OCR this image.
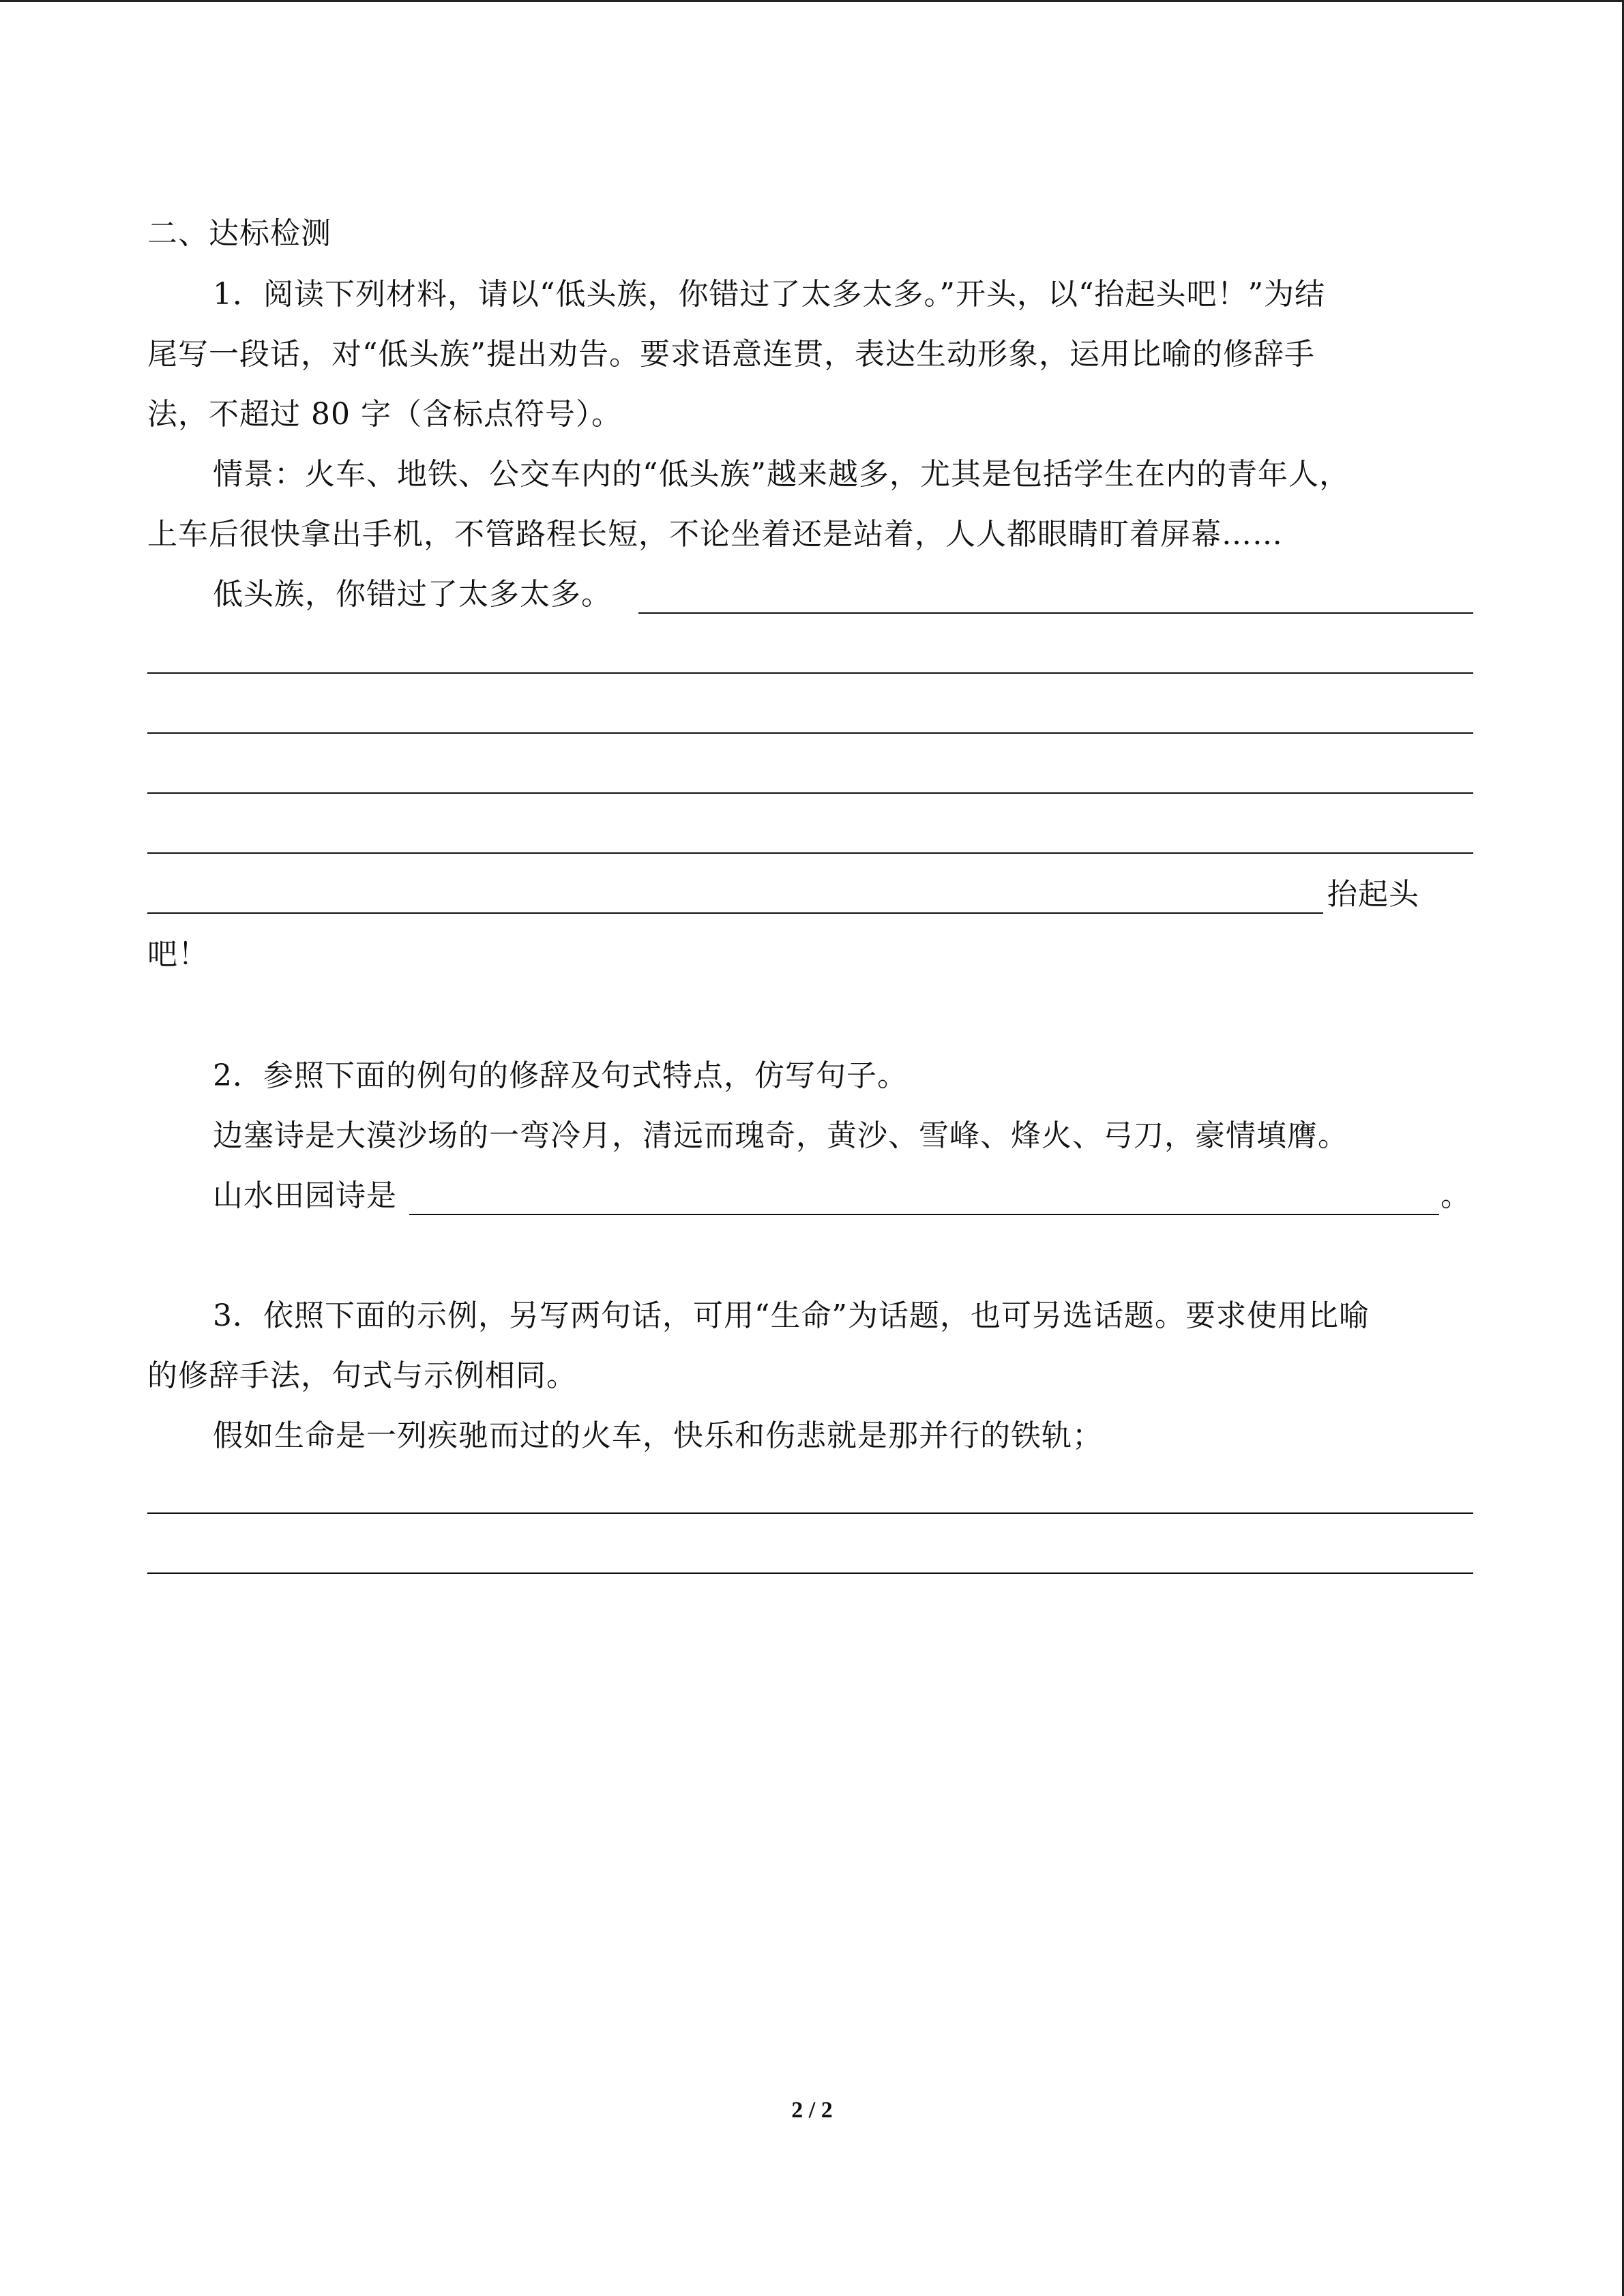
二、达标检测
1．阅读下列材料，请以“低头族，你错过了太多太多。”开头，以“抬起头吧！”为结
尾写一段话，对“低头族”提出劝告。要求语意连贯，表达生动形象，运用比喻的修辞手
法，不超过 80 字（含标点符号）。
情景：火车、地铁、公交车内的“低头族”越来越多，尤其是包括学生在内的青年人，
上车后很快拿出手机，不管路程长短，不论坐着还是站着，人人都眼睛盯着屏幕……
低头族，你错过了太多太多。
抬起头
吧！
2．参照下面的例句的修辞及句式特点，仿写句子。
边塞诗是大漠沙场的一弯冷月，清远而瑰奇，黄沙、雪峰、烽火、弓刀，豪情填膺。
山水田园诗是	。
3．依照下面的示例，另写两句话，可用“生命”为话题，也可另选话题。要求使用比喻
的修辞手法，句式与示例相同。
假如生命是一列疾驰而过的火车，快乐和伤悲就是那并行的铁轨；
2 / 2
